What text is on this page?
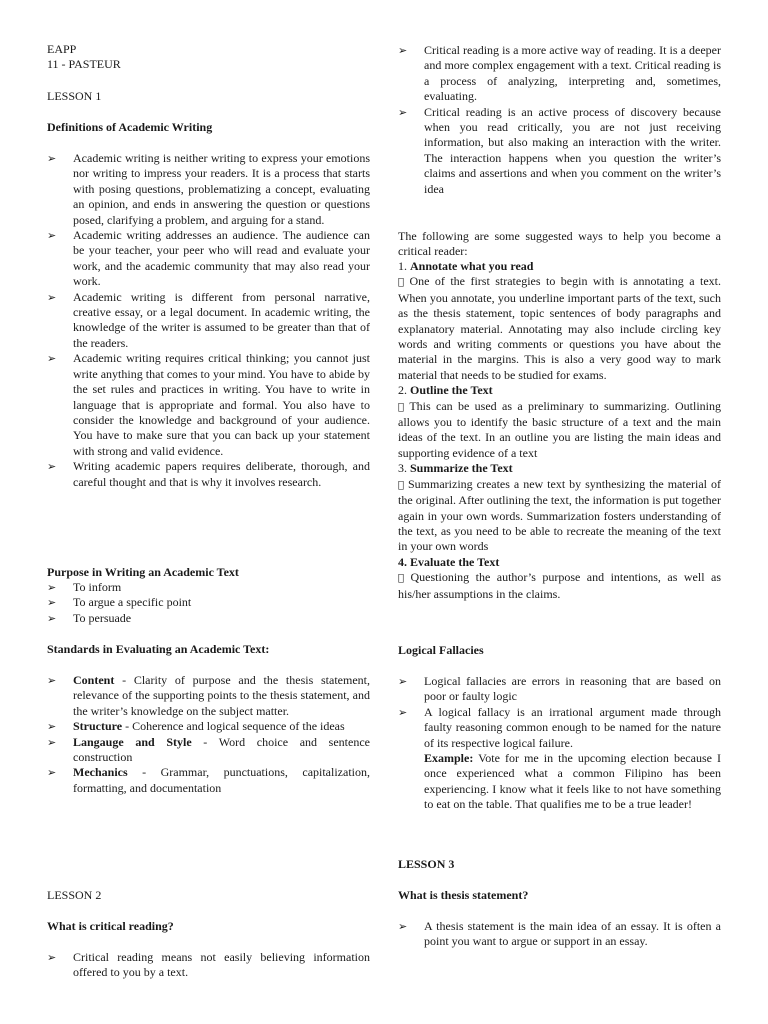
EAPP

11 - PASTEUR

LESSON 1

Definitions of Academic Writing

➢ Academic writing is neither writing to express your emotions nor writing to impress your readers. It is a process that starts with posing questions, problematizing a concept, evaluating an opinion, and ends in answering the question or questions posed, clarifying a problem, and arguing for a stand.
➢ Academic writing addresses an audience. The audience can be your teacher, your peer who will read and evaluate your work, and the academic community that may also read your work.
➢ Academic writing is different from personal narrative, creative essay, or a legal document. In academic writing, the knowledge of the writer is assumed to be greater than that of the readers.
➢ Academic writing requires critical thinking; you cannot just write anything that comes to your mind. You have to abide by the set rules and practices in writing. You have to write in language that is appropriate and formal. You also have to consider the knowledge and background of your audience. You have to make sure that you can back up your statement with strong and valid evidence.
➢ Writing academic papers requires deliberate, thorough, and careful thought and that is why it involves research.

Purpose in Writing an Academic Text

➢ To inform
➢ To argue a specific point
➢ To persuade

Standards in Evaluating an Academic Text:

➢ Content - Clarity of purpose and the thesis statement, relevance of the supporting points to the thesis statement, and the writer’s knowledge on the subject matter.
➢ Structure - Coherence and logical sequence of the ideas
➢ Langauge and Style - Word choice and sentence construction
➢ Mechanics - Grammar, punctuations, capitalization, formatting, and documentation

LESSON 2

What is critical reading?

➢ Critical reading means not easily believing information offered to you by a text.
➢ Critical reading is a more active way of reading. It is a deeper and more complex engagement with a text. Critical reading is a process of analyzing, interpreting and, sometimes, evaluating.
➢ Critical reading is an active process of discovery because when you read critically, you are not just receiving information, but also making an interaction with the writer. The interaction happens when you question the writer’s claims and assertions and when you comment on the writer’s idea

The following are some suggested ways to help you become a critical reader:

1. Annotate what you read

One of the first strategies to begin with is annotating a text. When you annotate, you underline important parts of the text, such as the thesis statement, topic sentences of body paragraphs and explanatory material. Annotating may also include circling key words and writing comments or questions you have about the material in the margins. This is also a very good way to mark material that needs to be studied for exams.

2. Outline the Text

This can be used as a preliminary to summarizing. Outlining allows you to identify the basic structure of a text and the main ideas of the text. In an outline you are listing the main ideas and supporting evidence of a text

3. Summarize the Text

Summarizing creates a new text by synthesizing the material of the original. After outlining the text, the information is put together again in your own words. Summarization fosters understanding of the text, as you need to be able to recreate the meaning of the text in your own words

4. Evaluate the Text

Questioning the author’s purpose and intentions, as well as his/her assumptions in the claims.

Logical Fallacies

➢ Logical fallacies are errors in reasoning that are based on poor or faulty logic
➢ A logical fallacy is an irrational argument made through faulty reasoning common enough to be named for the nature of its respective logical failure.
Example: Vote for me in the upcoming election because I once experienced what a common Filipino has been experiencing. I know what it feels like to not have something to eat on the table. That qualifies me to be a true leader!

LESSON 3

What is thesis statement?

➢ A thesis statement is the main idea of an essay. It is often a point you want to argue or support in an essay.
